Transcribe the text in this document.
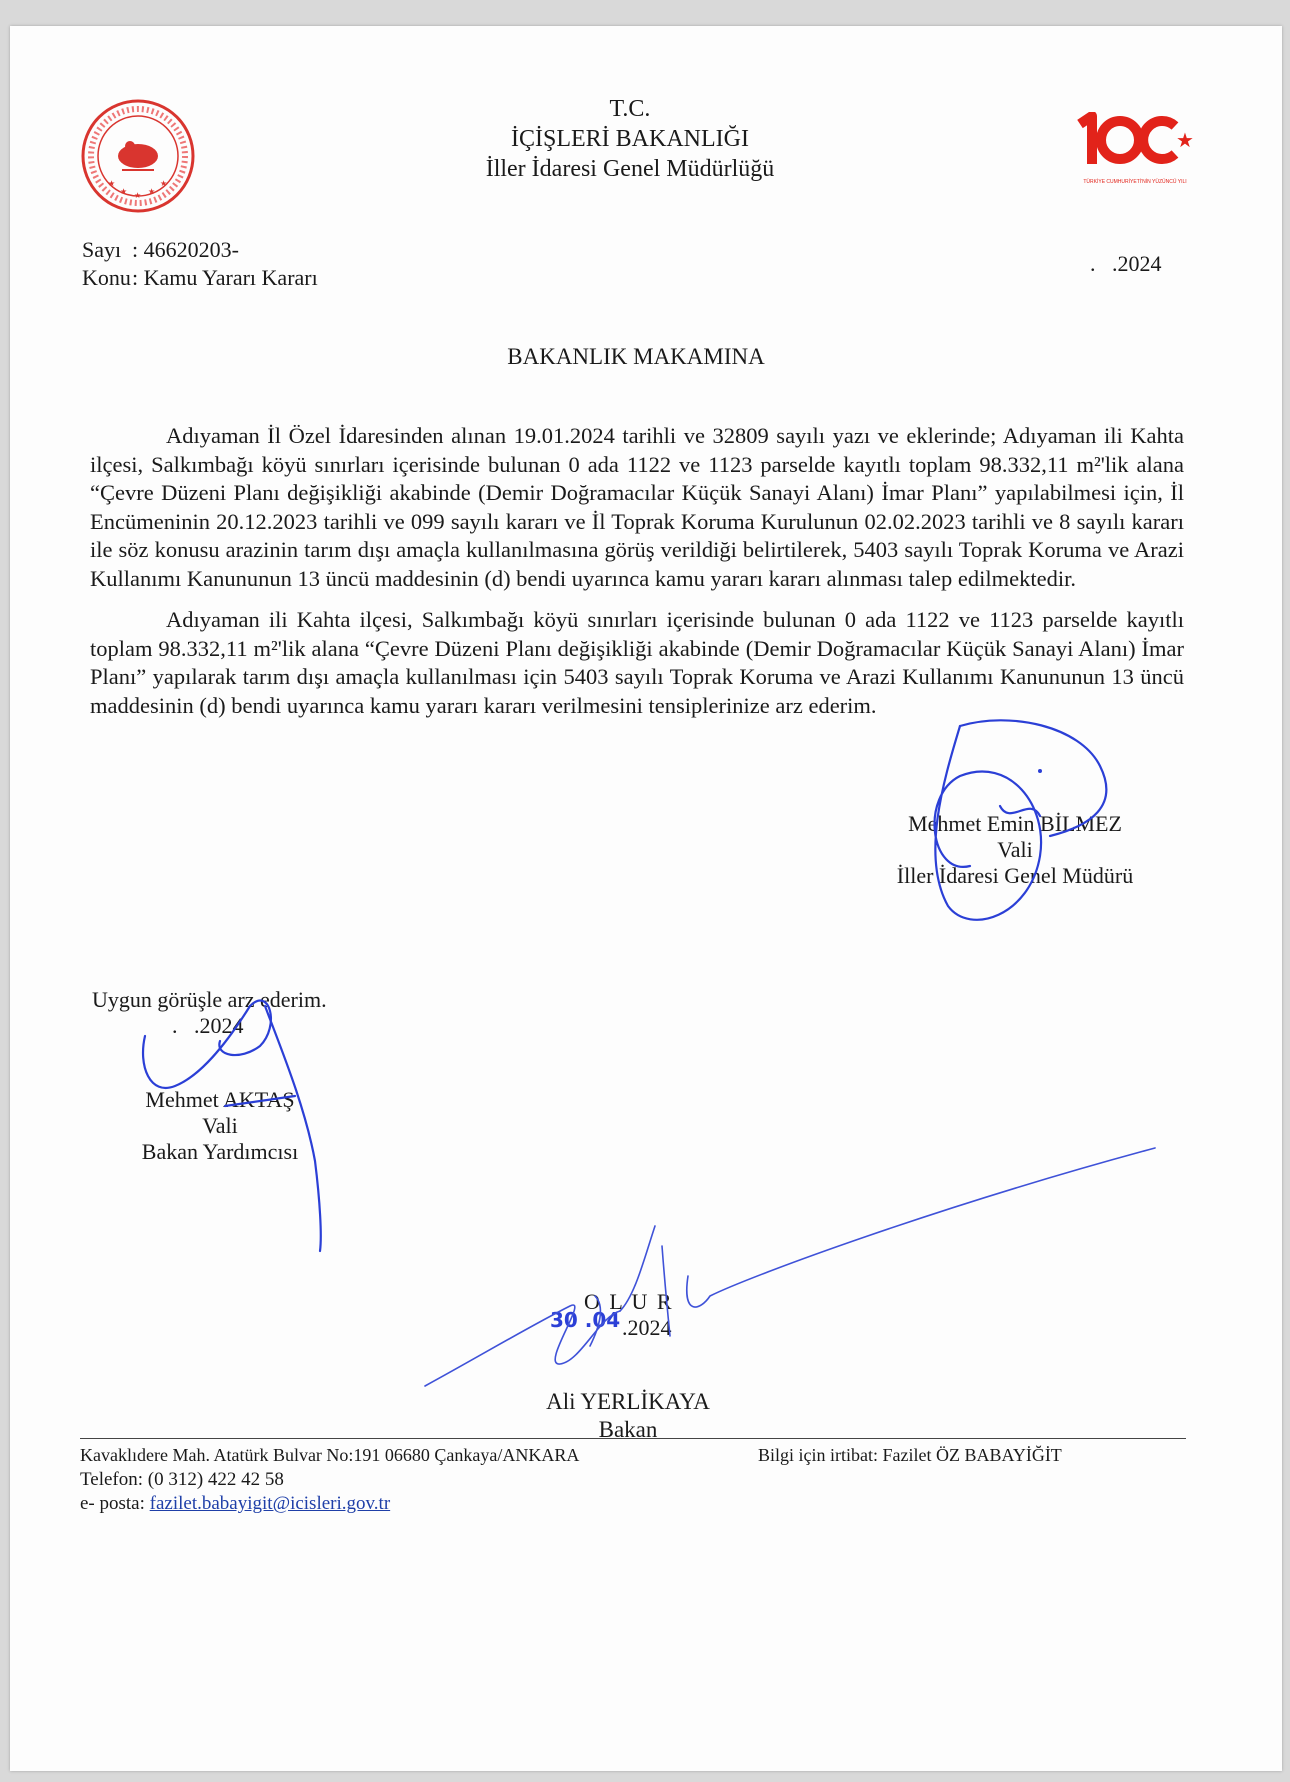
★ ★ ★
★	★
T.C.
İÇİŞLERİ BAKANLIĞI
İller İdaresi Genel Müdürlüğü
★
TÜRKİYE CUMHURİYETİ'NİN YÜZÜNCÜ YILI
Sayı : 46620203-
Konu : Kamu Yararı Kararı
.   .2024
BAKANLIK MAKAMINA
Adıyaman İl Özel İdaresinden alınan 19.01.2024 tarihli ve 32809 sayılı yazı ve eklerinde; Adıyaman ili Kahta ilçesi, Salkımbağı köyü sınırları içerisinde bulunan 0 ada 1122 ve 1123 parselde kayıtlı toplam 98.332,11 m²'lik alana “Çevre Düzeni Planı değişikliği akabinde (Demir Doğramacılar Küçük Sanayi Alanı) İmar Planı” yapılabilmesi için, İl Encümeninin 20.12.2023 tarihli ve 099 sayılı kararı ve İl Toprak Koruma Kurulunun 02.02.2023 tarihli ve 8 sayılı kararı ile söz konusu arazinin tarım dışı amaçla kullanılmasına görüş verildiği belirtilerek, 5403 sayılı Toprak Koruma ve Arazi Kullanımı Kanununun 13 üncü maddesinin (d) bendi uyarınca kamu yararı kararı alınması talep edilmektedir.
Adıyaman ili Kahta ilçesi, Salkımbağı köyü sınırları içerisinde bulunan 0 ada 1122 ve 1123 parselde kayıtlı toplam 98.332,11 m²'lik alana “Çevre Düzeni Planı değişikliği akabinde (Demir Doğramacılar Küçük Sanayi Alanı) İmar Planı” yapılarak tarım dışı amaçla kullanılması için 5403 sayılı Toprak Koruma ve Arazi Kullanımı Kanununun 13 üncü maddesinin (d) bendi uyarınca kamu yararı kararı verilmesini tensiplerinize arz ederim.
Mehmet Emin BİLMEZ
Vali
İller İdaresi Genel Müdürü
Uygun görüşle arz ederim.
.   .2024
Mehmet AKTAŞ
Vali
Bakan Yardımcısı
O L U R
.2024
30 .04
Ali YERLİKAYA
Bakan
Kavaklıdere Mah. Atatürk Bulvar No:191 06680 Çankaya/ANKARA	Bilgi için irtibat: Fazilet ÖZ BABAYİĞİT
Telefon: (0 312) 422 42 58
e- posta: fazilet.babayigit@icisleri.gov.tr
